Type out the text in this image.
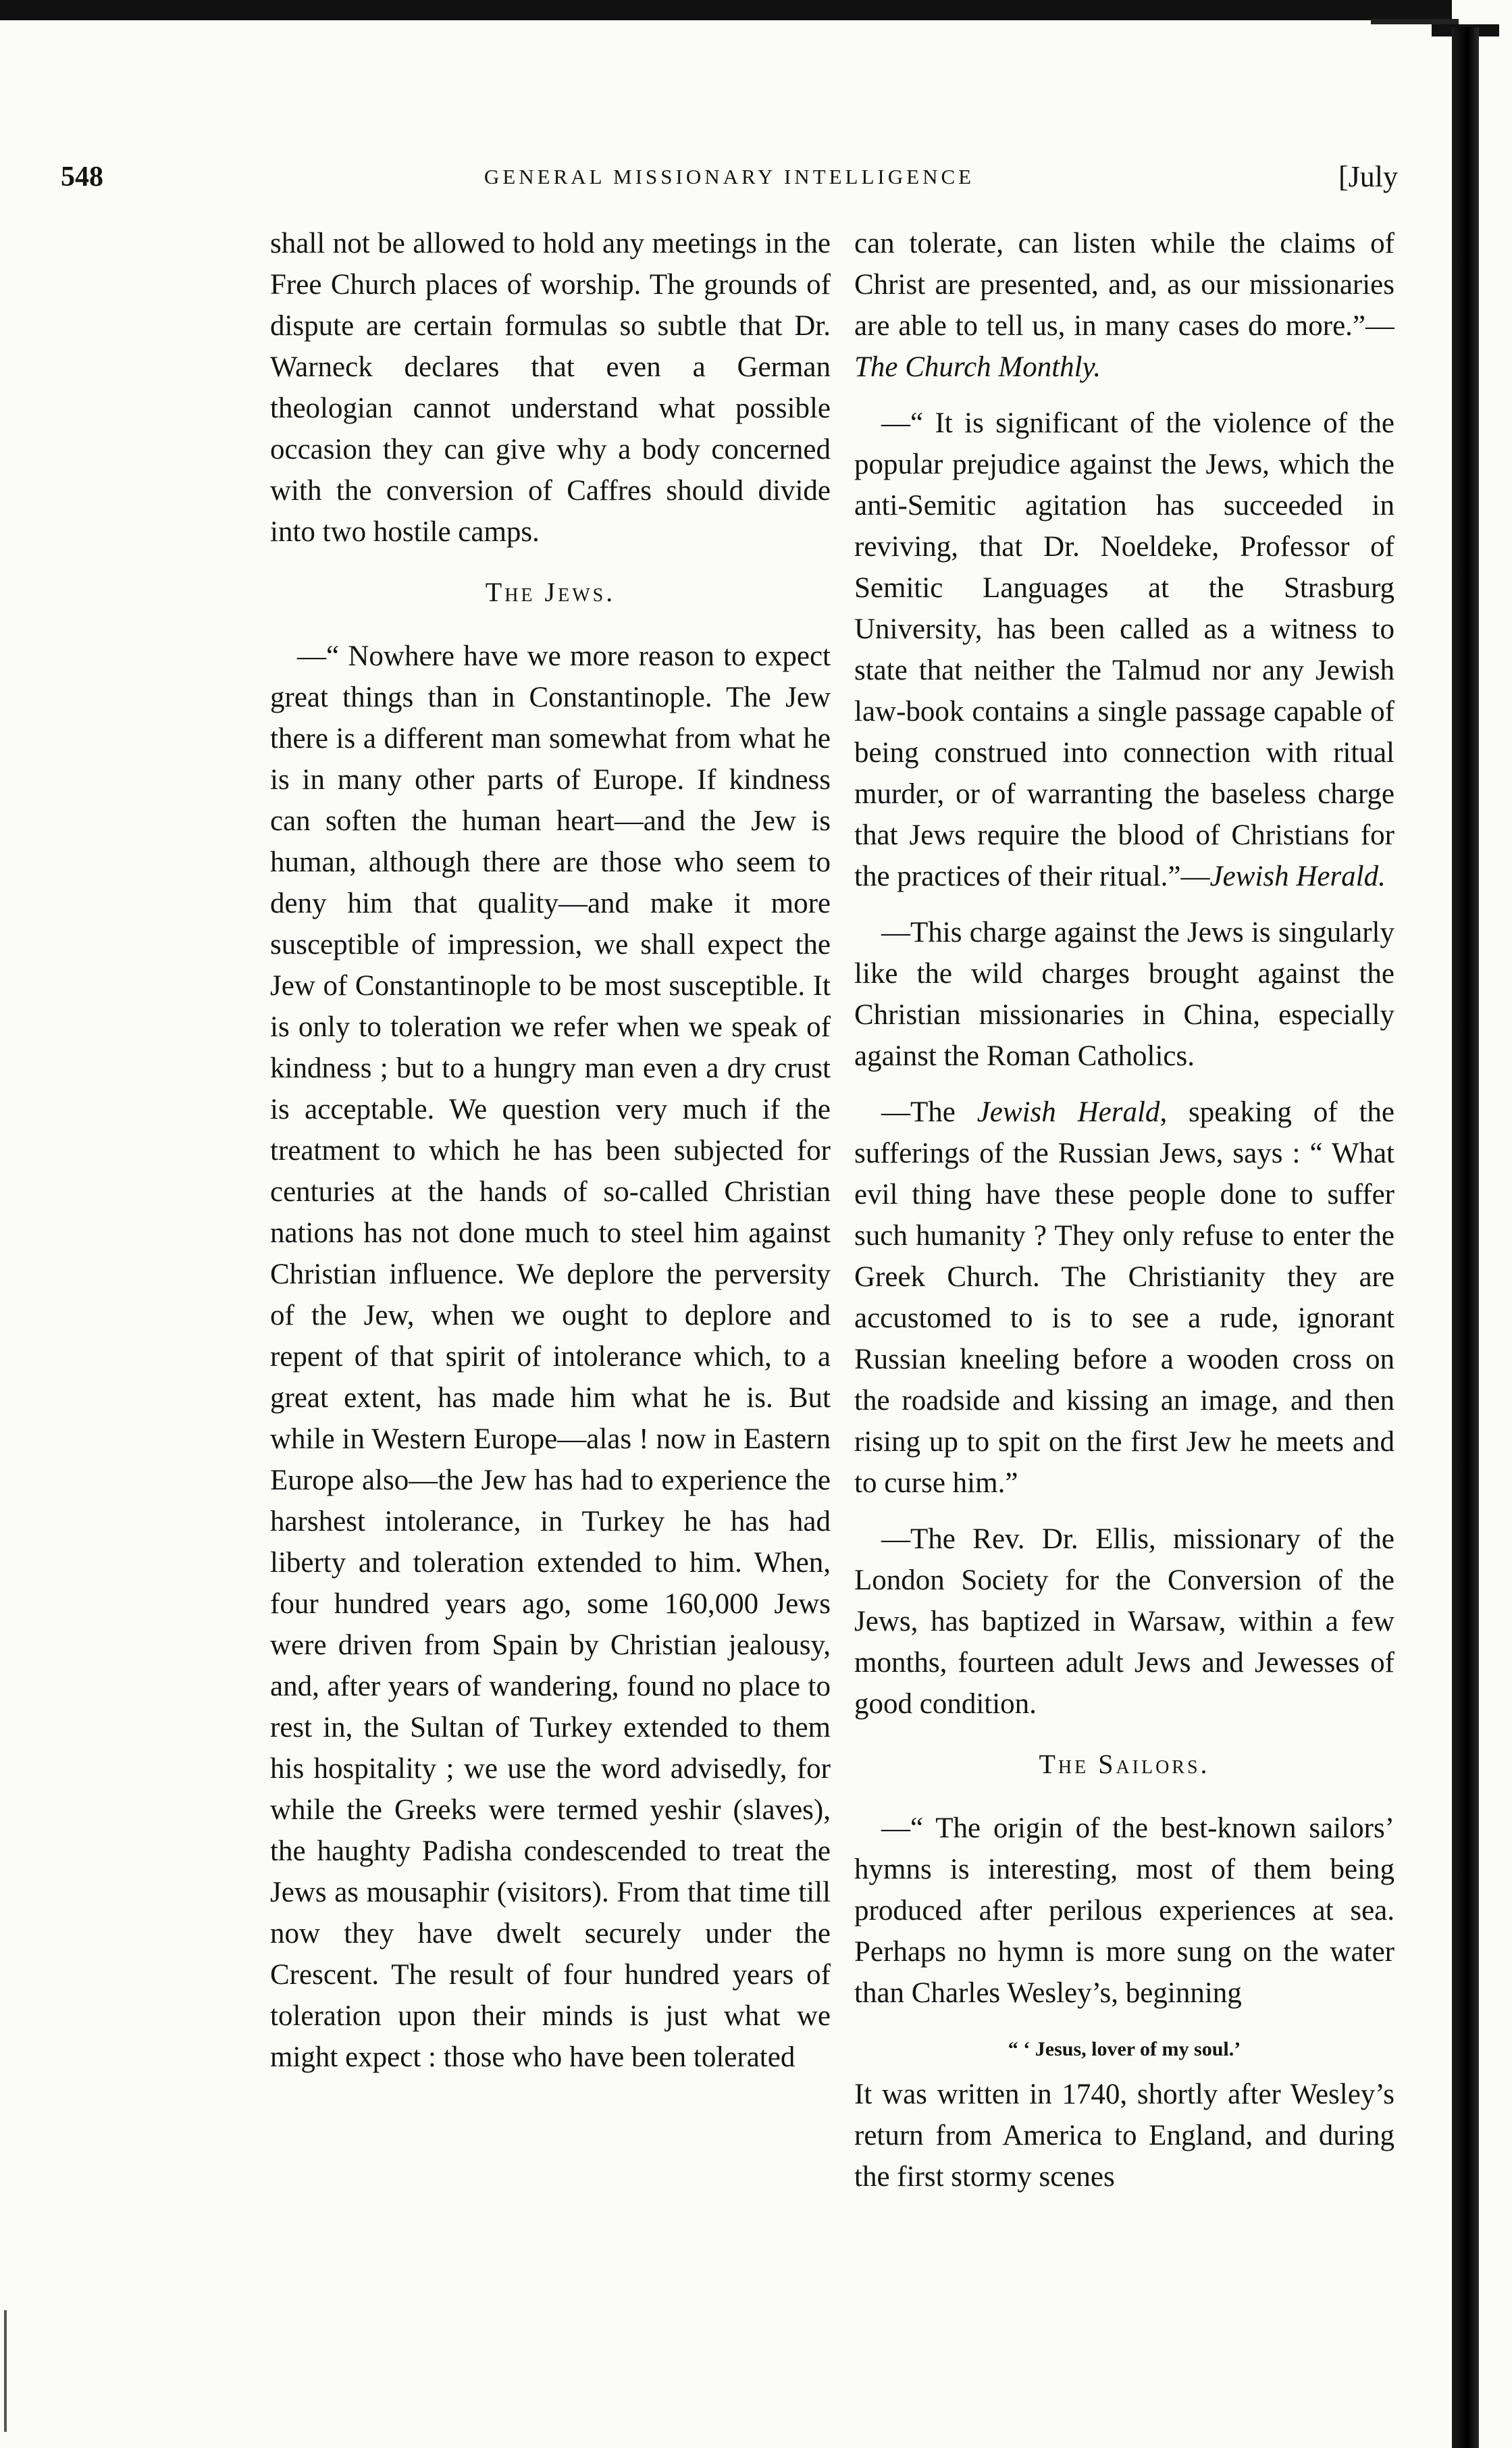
548	GENERAL MISSIONARY INTELLIGENCE	[July

shall not be allowed to hold any meetings in the Free Church places of worship. The grounds of dispute are certain formulas so subtle that Dr. Warneck declares that even a German theologian cannot understand what possible occasion they can give why a body concerned with the conversion of Caffres should divide into two hostile camps.

The Jews.

—“ Nowhere have we more reason to expect great things than in Constantinople. The Jew there is a different man somewhat from what he is in many other parts of Europe. If kindness can soften the human heart—and the Jew is human, although there are those who seem to deny him that quality—and make it more susceptible of impression, we shall expect the Jew of Constantinople to be most susceptible. It is only to toleration we refer when we speak of kindness ; but to a hungry man even a dry crust is acceptable. We question very much if the treatment to which he has been subjected for centuries at the hands of so-called Christian nations has not done much to steel him against Christian influence. We deplore the perversity of the Jew, when we ought to deplore and repent of that spirit of intolerance which, to a great extent, has made him what he is. But while in Western Europe—alas ! now in Eastern Europe also—the Jew has had to experience the harshest intolerance, in Turkey he has had liberty and toleration extended to him. When, four hundred years ago, some 160,000 Jews were driven from Spain by Christian jealousy, and, after years of wandering, found no place to rest in, the Sultan of Turkey extended to them his hospitality ; we use the word advisedly, for while the Greeks were termed yeshir (slaves), the haughty Padisha condescended to treat the Jews as mousaphir (visitors). From that time till now they have dwelt securely under the Crescent. The result of four hundred years of toleration upon their minds is just what we might expect : those who have been tolerated

can tolerate, can listen while the claims of Christ are presented, and, as our missionaries are able to tell us, in many cases do more.”—The Church Monthly.

—“ It is significant of the violence of the popular prejudice against the Jews, which the anti-Semitic agitation has succeeded in reviving, that Dr. Noeldeke, Professor of Semitic Languages at the Strasburg University, has been called as a witness to state that neither the Talmud nor any Jewish law-book contains a single passage capable of being construed into connection with ritual murder, or of warranting the baseless charge that Jews require the blood of Christians for the practices of their ritual.”—Jewish Herald.

—This charge against the Jews is singularly like the wild charges brought against the Christian missionaries in China, especially against the Roman Catholics.

—The Jewish Herald, speaking of the sufferings of the Russian Jews, says : “ What evil thing have these people done to suffer such humanity ? They only refuse to enter the Greek Church. The Christianity they are accustomed to is to see a rude, ignorant Russian kneeling before a wooden cross on the roadside and kissing an image, and then rising up to spit on the first Jew he meets and to curse him.”

—The Rev. Dr. Ellis, missionary of the London Society for the Conversion of the Jews, has baptized in Warsaw, within a few months, fourteen adult Jews and Jewesses of good condition.

The Sailors.

—“ The origin of the best-known sailors’ hymns is interesting, most of them being produced after perilous experiences at sea. Perhaps no hymn is more sung on the water than Charles Wesley’s, beginning

“ ‘ Jesus, lover of my soul.’

It was written in 1740, shortly after Wesley’s return from America to England, and during the first stormy scenes
